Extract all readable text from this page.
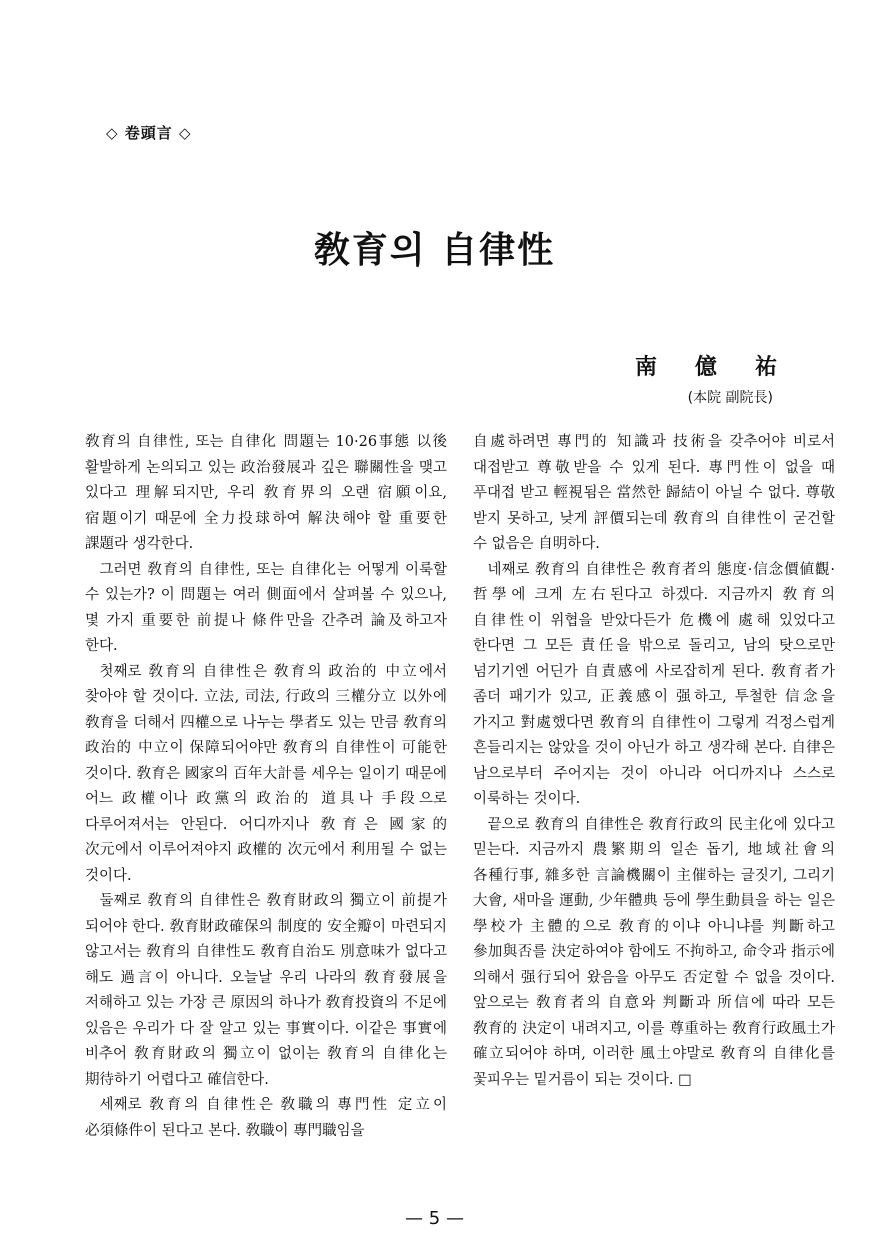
◇ 卷頭言 ◇
敎育의 自律性
南億祐
(本院 副院長)

敎育의 自律性, 또는 自律化 問題는 10·26事態 以後 활발하게 논의되고 있는 政治發展과 깊은 聯關性을 맺고 있다고 理解되지만, 우리 敎育界의 오랜 宿願이요, 宿題이기 때문에 全力投球하여 解決해야 할 重要한 課題라 생각한다.

그러면 敎育의 自律性, 또는 自律化는 어떻게 이룩할 수 있는가? 이 問題는 여러 側面에서 살펴볼 수 있으나, 몇 가지 重要한 前提나 條件만을 간추려 論及하고자 한다.

첫째로 敎育의 自律性은 敎育의 政治的 中立에서 찾아야 할 것이다. 立法, 司法, 行政의 三權分立 以外에 敎育을 더해서 四權으로 나누는 學者도 있는 만큼 敎育의 政治的 中立이 保障되어야만 敎育의 自律性이 可能한 것이다. 敎育은 國家의 百年大計를 세우는 일이기 때문에 어느 政權이나 政黨의 政治的 道具나 手段으로 다루어져서는 안된다. 어디까지나 敎育은 國家的 次元에서 이루어져야지 政權的 次元에서 利用될 수 없는 것이다.

둘째로 敎育의 自律性은 敎育財政의 獨立이 前提가 되어야 한다. 敎育財政確保의 制度的 安全瓣이 마련되지 않고서는 敎育의 自律性도 敎育自治도 別意味가 없다고 해도 過言이 아니다. 오늘날 우리 나라의 敎育發展을 저해하고 있는 가장 큰 原因의 하나가 敎育投資의 不足에 있음은 우리가 다 잘 알고 있는 事實이다. 이같은 事實에 비추어 敎育財政의 獨立이 없이는 敎育의 自律化는 期待하기 어렵다고 確信한다.

세째로 敎育의 自律性은 敎職의 專門性 定立이 必須條件이 된다고 본다. 敎職이 專門職임을

自處하려면 專門的 知識과 技術을 갖추어야 비로서 대접받고 尊敬받을 수 있게 된다. 專門性이 없을 때 푸대접 받고 輕視됨은 當然한 歸結이 아닐 수 없다. 尊敬 받지 못하고, 낮게 評價되는데 敎育의 自律性이 굳건할 수 없음은 自明하다.

네째로 敎育의 自律性은 敎育者의 態度·信念價値觀·哲學에 크게 左右된다고 하겠다. 지금까지 敎育의 自律性이 위협을 받았다든가 危機에 處해 있었다고 한다면 그 모든 責任을 밖으로 돌리고, 남의 탓으로만 넘기기엔 어딘가 自責感에 사로잡히게 된다. 敎育者가 좀더 패기가 있고, 正義感이 强하고, 투철한 信念을 가지고 對處했다면 敎育의 自律性이 그렇게 걱정스럽게 흔들리지는 않았을 것이 아닌가 하고 생각해 본다. 自律은 남으로부터 주어지는 것이 아니라 어디까지나 스스로 이룩하는 것이다.

끝으로 敎育의 自律性은 敎育行政의 民主化에 있다고 믿는다. 지금까지 農繁期의 일손 돕기, 地域社會의 各種行事, 雜多한 言論機關이 主催하는 글짓기, 그리기 大會, 새마을 運動, 少年體典 등에 學生動員을 하는 일은 學校가 主體的으로 敎育的이냐 아니냐를 判斷하고 參加與否를 決定하여야 함에도 不拘하고, 命令과 指示에 의해서 强行되어 왔음을 아무도 否定할 수 없을 것이다. 앞으로는 敎育者의 自意와 判斷과 所信에 따라 모든 敎育的 決定이 내려지고, 이를 尊重하는 敎育行政風土가 確立되어야 하며, 이러한 風土야말로 敎育의 自律化를 꽃피우는 밑거름이 되는 것이다. □

— 5 —
